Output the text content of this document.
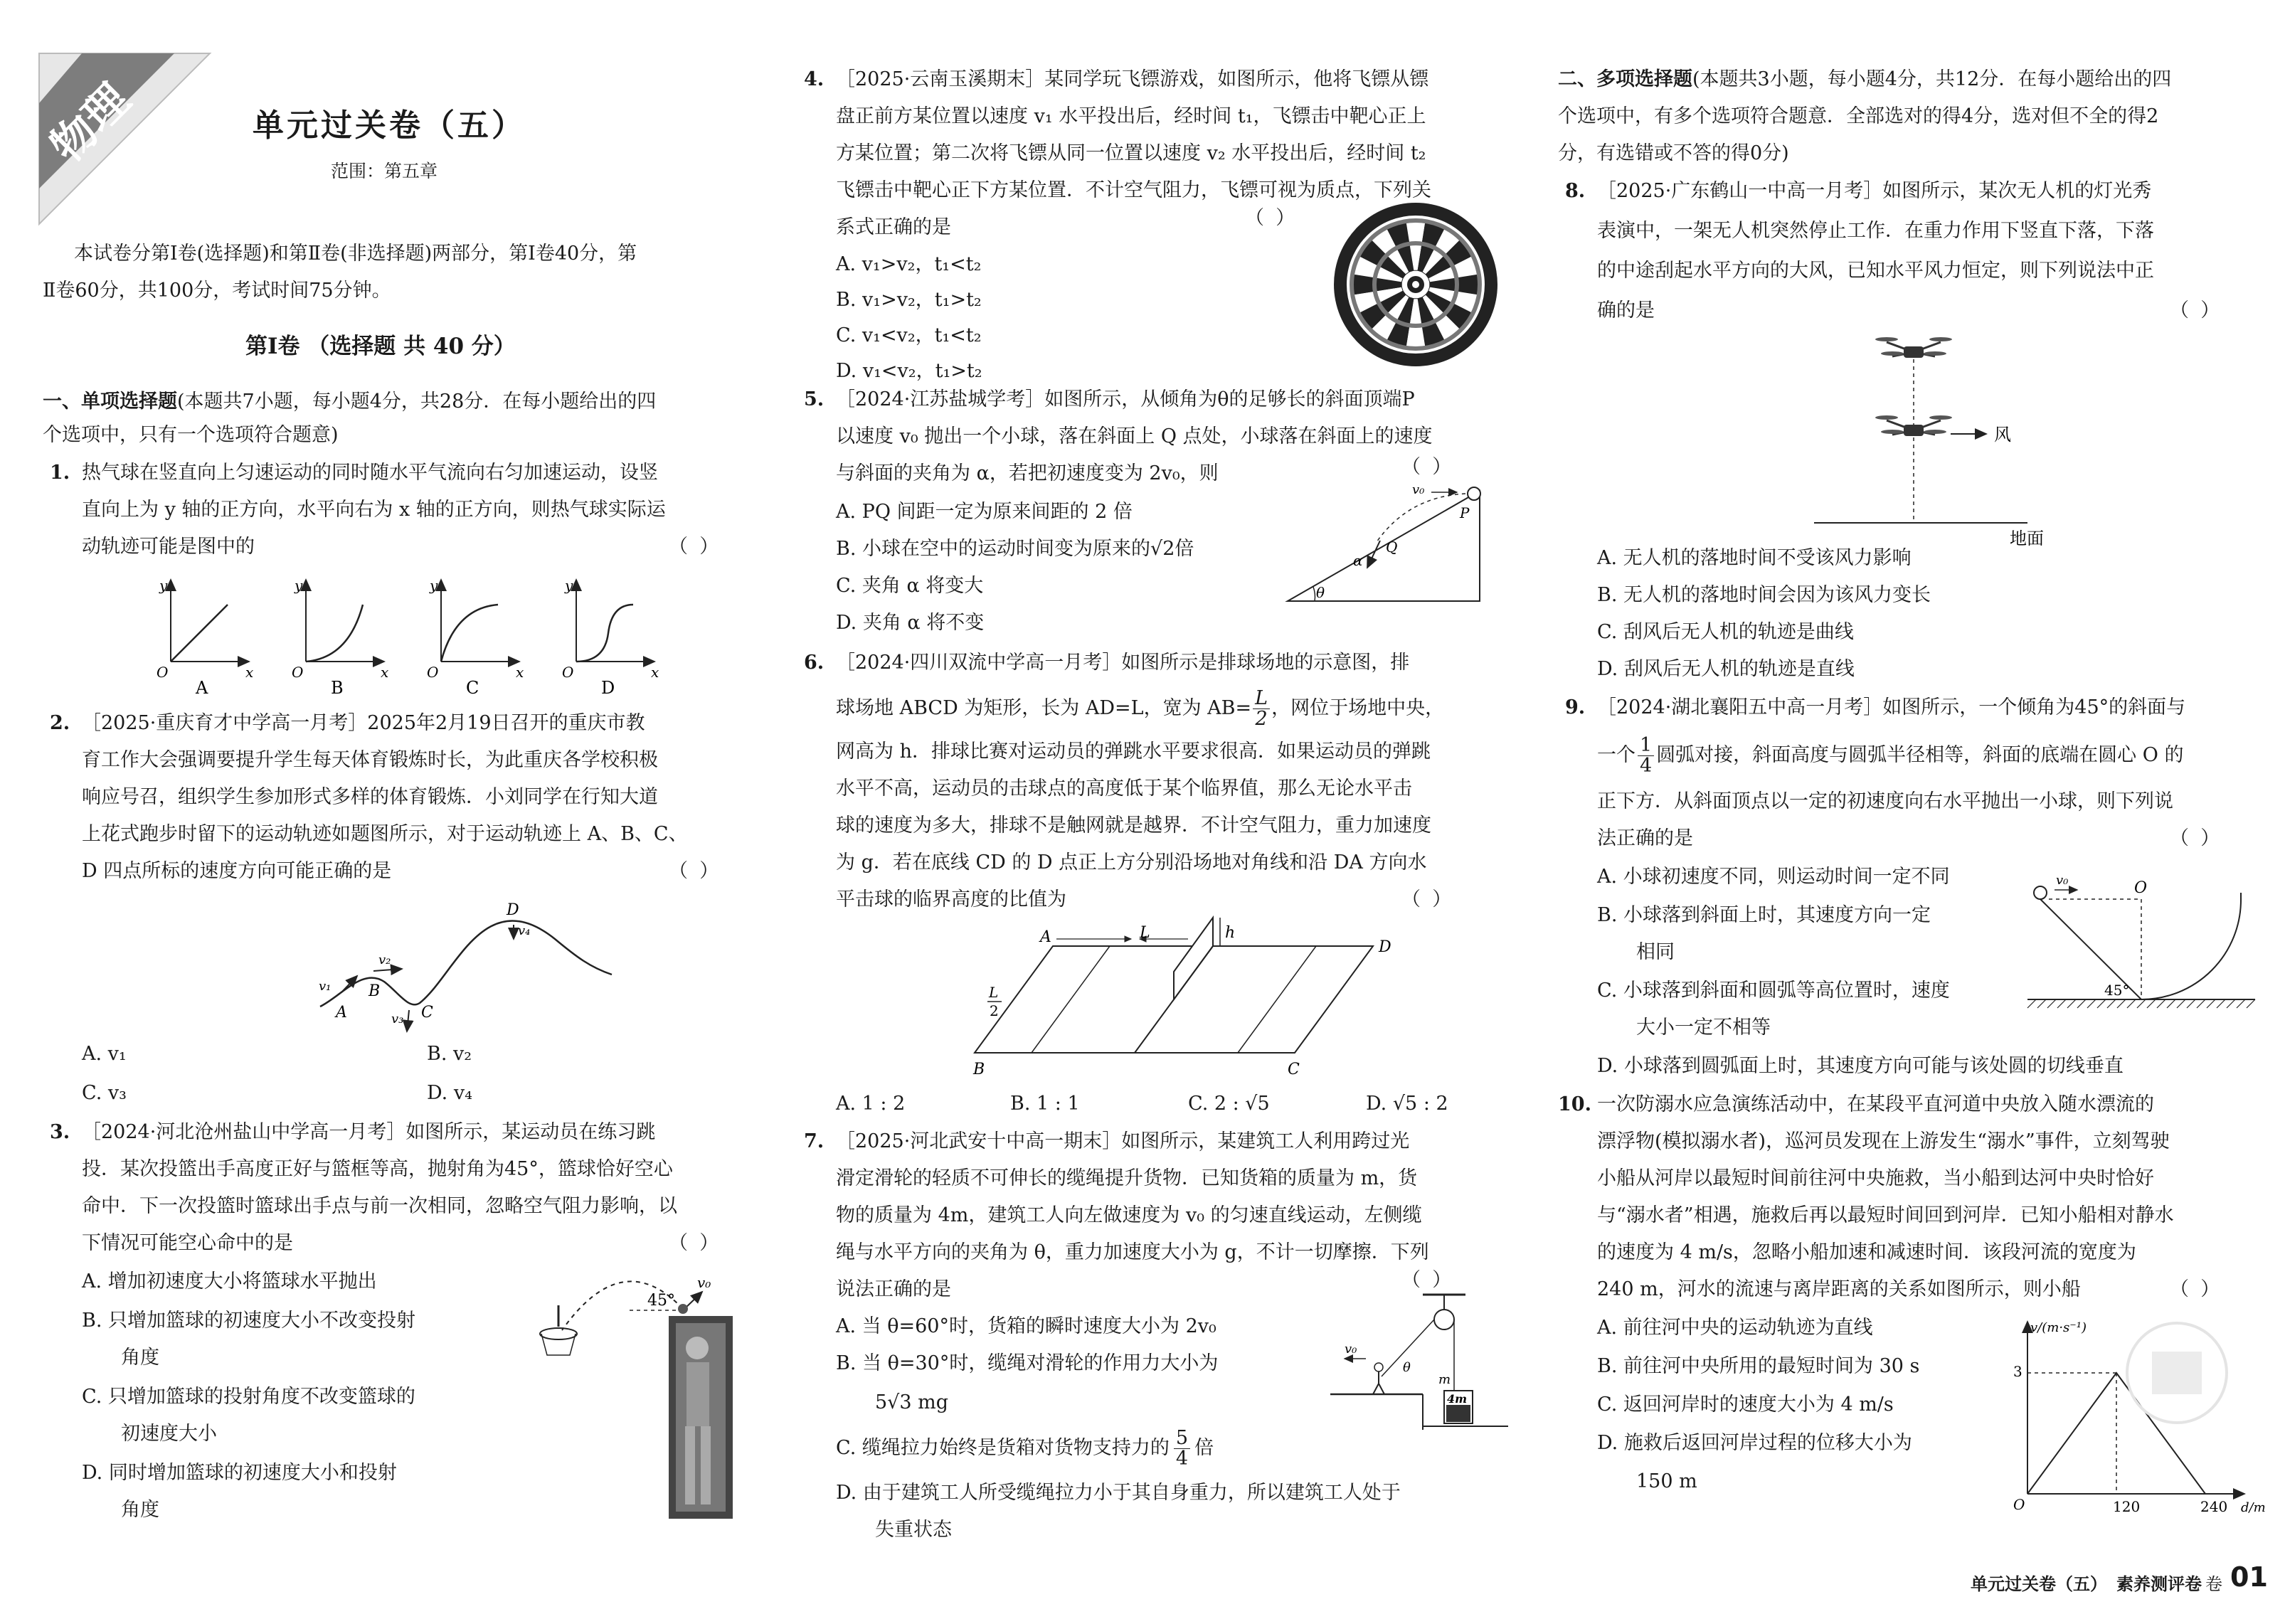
物理	单元过关卷（五）
范围：第五章
本试卷分第Ⅰ卷(选择题)和第Ⅱ卷(非选择题)两部分，第Ⅰ卷40分，第
Ⅱ卷60分，共100分，考试时间75分钟。
第Ⅰ卷 （选择题 共 40 分）
一、单项选择题(本题共7小题，每小题4分，共28分．在每小题给出的四
个选项中，只有一个选项符合题意)
1. 热气球在竖直向上匀速运动的同时随水平气流向右匀加速运动，设竖
直向上为 y 轴的正方向，水平向右为 x 轴的正方向，则热气球实际运
动轨迹可能是图中的	（ ）
y
x
O
A
y
x
O
B
y
x
O
C
y
x
O
D
2. ［2025·重庆育才中学高一月考］2025年2月19日召开的重庆市教
育工作大会强调要提升学生每天体育锻炼时长，为此重庆各学校积极
响应号召，组织学生参加形式多样的体育锻炼．小刘同学在行知大道
上花式跑步时留下的运动轨迹如题图所示，对于运动轨迹上 A、B、C、
D 四点所标的速度方向可能正确的是	（ ）
A
B
C
D
v₁
v₂
v₃
v₄
A. v₁	B. v₂
C. v₃	D. v₄
3. ［2024·河北沧州盐山中学高一月考］如图所示，某运动员在练习跳
投．某次投篮出手高度正好与篮框等高，抛射角为45°，篮球恰好空心
命中．下一次投篮时篮球出手点与前一次相同，忽略空气阻力影响，以
下情况可能空心命中的是	（ ）
A. 增加初速度大小将篮球水平抛出
B. 只增加篮球的初速度大小不改变投射
角度
C. 只增加篮球的投射角度不改变篮球的
初速度大小
D. 同时增加篮球的初速度大小和投射
角度
45°
v₀
4. ［2025·云南玉溪期末］某同学玩飞镖游戏，如图所示，他将飞镖从镖
盘正前方某位置以速度 v₁ 水平投出后，经时间 t₁，飞镖击中靶心正上
方某位置；第二次将飞镖从同一位置以速度 v₂ 水平投出后，经时间 t₂
飞镖击中靶心正下方某位置．不计空气阻力，飞镖可视为质点，下列关
系式正确的是	（ ）
A. v₁>v₂，t₁<t₂
B. v₁>v₂，t₁>t₂
C. v₁<v₂，t₁<t₂
D. v₁<v₂，t₁>t₂
5. ［2024·江苏盐城学考］如图所示，从倾角为θ的足够长的斜面顶端P
以速度 v₀ 抛出一个小球，落在斜面上 Q 点处，小球落在斜面上的速度
与斜面的夹角为 α，若把初速度变为 2v₀，则	（ ）
A. PQ 间距一定为原来间距的 2 倍
B. 小球在空中的运动时间变为原来的√2倍
C. 夹角 α 将变大
D. 夹角 α 将不变
v₀
P
Q
α
θ
6. ［2024·四川双流中学高一月考］如图所示是排球场地的示意图，排
球场地 ABCD 为矩形，长为 AD=L，宽为 $AB= \frac{L}{2}$ ，网位于场地中央，
网高为 h．排球比赛对运动员的弹跳水平要求很高．如果运动员的弹跳
水平不高，运动员的击球点的高度低于某个临界值，那么无论水平击
球的速度为多大，排球不是触网就是越界．不计空气阻力，重力加速度
为 g．若在底线 CD 的 D 点正上方分别沿场地对角线和沿 DA 方向水
平击球的临界高度的比值为	（ ）
A
B	C
D
L	h
L
2
A. 1 : 2	B. 1 : 1	C. 2 : √5	D. √5 : 2
7. ［2025·河北武安十中高一期末］如图所示，某建筑工人利用跨过光
滑定滑轮的轻质不可伸长的缆绳提升货物．已知货箱的质量为 m，货
物的质量为 4m，建筑工人向左做速度为 v₀ 的匀速直线运动，左侧缆
绳与水平方向的夹角为 θ，重力加速度大小为 g，不计一切摩擦．下列
说法正确的是	（ ）
A. 当 θ=60°时，货箱的瞬时速度大小为 2v₀
B. 当 θ=30°时，缆绳对滑轮的作用力大小为
5√3 mg
C. 缆绳拉力始终是货箱对货物支持力的 $\frac{5}{4}$ 倍
D. 由于建筑工人所受缆绳拉力小于其自身重力，所以建筑工人处于
失重状态
4m
m
v₀
θ
二、多项选择题(本题共3小题，每小题4分，共12分．在每小题给出的四
个选项中，有多个选项符合题意．全部选对的得4分，选对但不全的得2
分，有选错或不答的得0分)
8. ［2025·广东鹤山一中高一月考］如图所示，某次无人机的灯光秀
表演中，一架无人机突然停止工作．在重力作用下竖直下落，下落
的中途刮起水平方向的大风，已知水平风力恒定，则下列说法中正
确的是	（ ）
风
地面
A. 无人机的落地时间不受该风力影响
B. 无人机的落地时间会因为该风力变长
C. 刮风后无人机的轨迹是曲线
D. 刮风后无人机的轨迹是直线
9. ［2024·湖北襄阳五中高一月考］如图所示，一个倾角为45°的斜面与
一个 $\frac{1}{4}$ 圆弧对接，斜面高度与圆弧半径相等，斜面的底端在圆心 O 的
正下方．从斜面顶点以一定的初速度向右水平抛出一小球，则下列说
法正确的是	（ ）
A. 小球初速度不同，则运动时间一定不同
B. 小球落到斜面上时，其速度方向一定
相同
C. 小球落到斜面和圆弧等高位置时，速度
大小一定不相等
D. 小球落到圆弧面上时，其速度方向可能与该处圆的切线垂直
v₀	O
45°
10. 一次防溺水应急演练活动中，在某段平直河道中央放入随水漂流的
漂浮物(模拟溺水者)，巡河员发现在上游发生“溺水”事件，立刻驾驶
小船从河岸以最短时间前往河中央施救，当小船到达河中央时恰好
与“溺水者”相遇，施救后再以最短时间回到河岸．已知小船相对静水
的速度为 4 m/s，忽略小船加速和减速时间．该段河流的宽度为
240 m，河水的流速与离岸距离的关系如图所示，则小船	（ ）
A. 前往河中央的运动轨迹为直线
B. 前往河中央所用的最短时间为 30 s
C. 返回河岸时的速度大小为 4 m/s
D. 施救后返回河岸过程的位移大小为
150 m
v/(m·s⁻¹)
d/m
O
3
120	240
单元过关卷（五） 素养测评卷 卷 01
